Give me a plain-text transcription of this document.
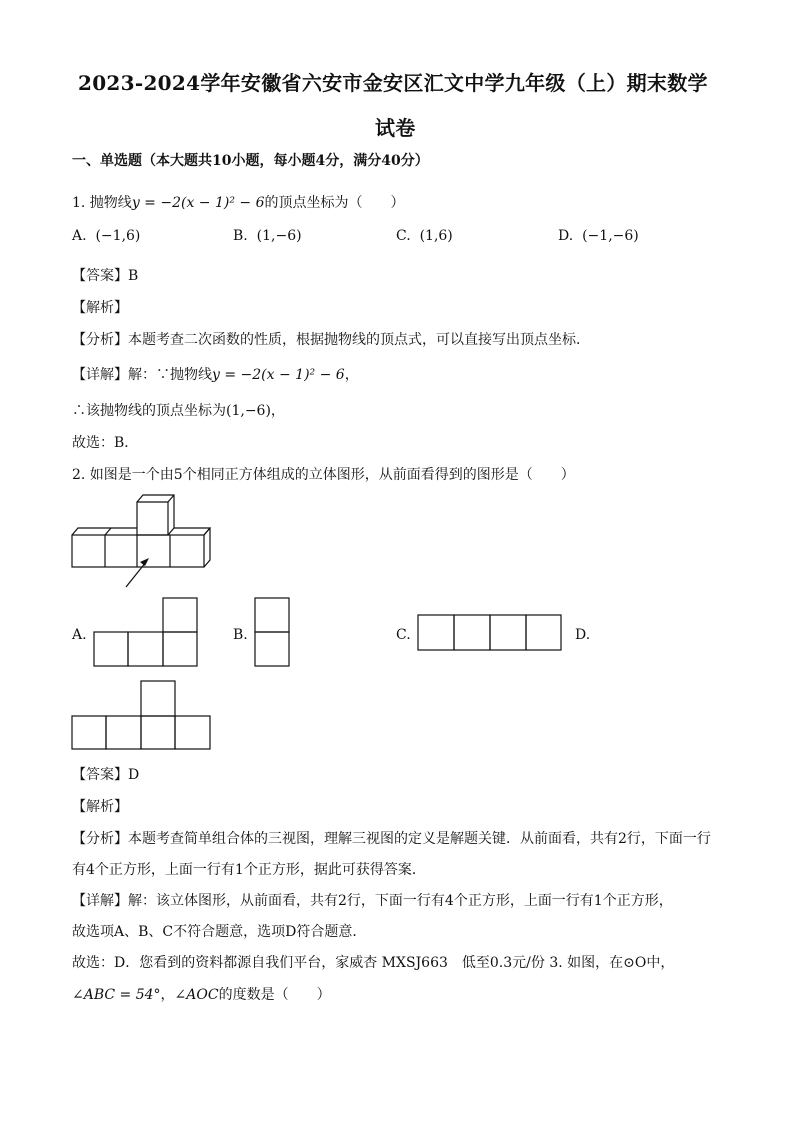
2023-2024学年安徽省六安市金安区汇文中学九年级（上）期末数学
试卷
一、单选题（本大题共10小题，每小题4分，满分40分）
1. 抛物线y = −2(x − 1)² − 6的顶点坐标为（　　）
A. (−1,6)	B. (1,−6)	C. (1,6)	D. (−1,−6)
【答案】B
【解析】
【分析】本题考查二次函数的性质，根据抛物线的顶点式，可以直接写出顶点坐标．
【详解】解：∵抛物线y = −2(x − 1)² − 6，
∴该抛物线的顶点坐标为(1,−6)，
故选：B．
2. 如图是一个由5个相同正方体组成的立体图形，从前面看得到的图形是（　　）
A.	B.	C.	D.
【答案】D
【解析】
【分析】本题考查简单组合体的三视图，理解三视图的定义是解题关键．从前面看，共有2行，下面一行
有4个正方形，上面一行有1个正方形，据此可获得答案．
【详解】解：该立体图形，从前面看，共有2行，下面一行有4个正方形，上面一行有1个正方形，
故选项A、B、C不符合题意，选项D符合题意．
故选：D．您看到的资料都源自我们平台，家威杏 MXSJ663　低至0.3元/份 3. 如图，在⊙O中，
∠ABC = 54°，∠AOC的度数是（　　）
